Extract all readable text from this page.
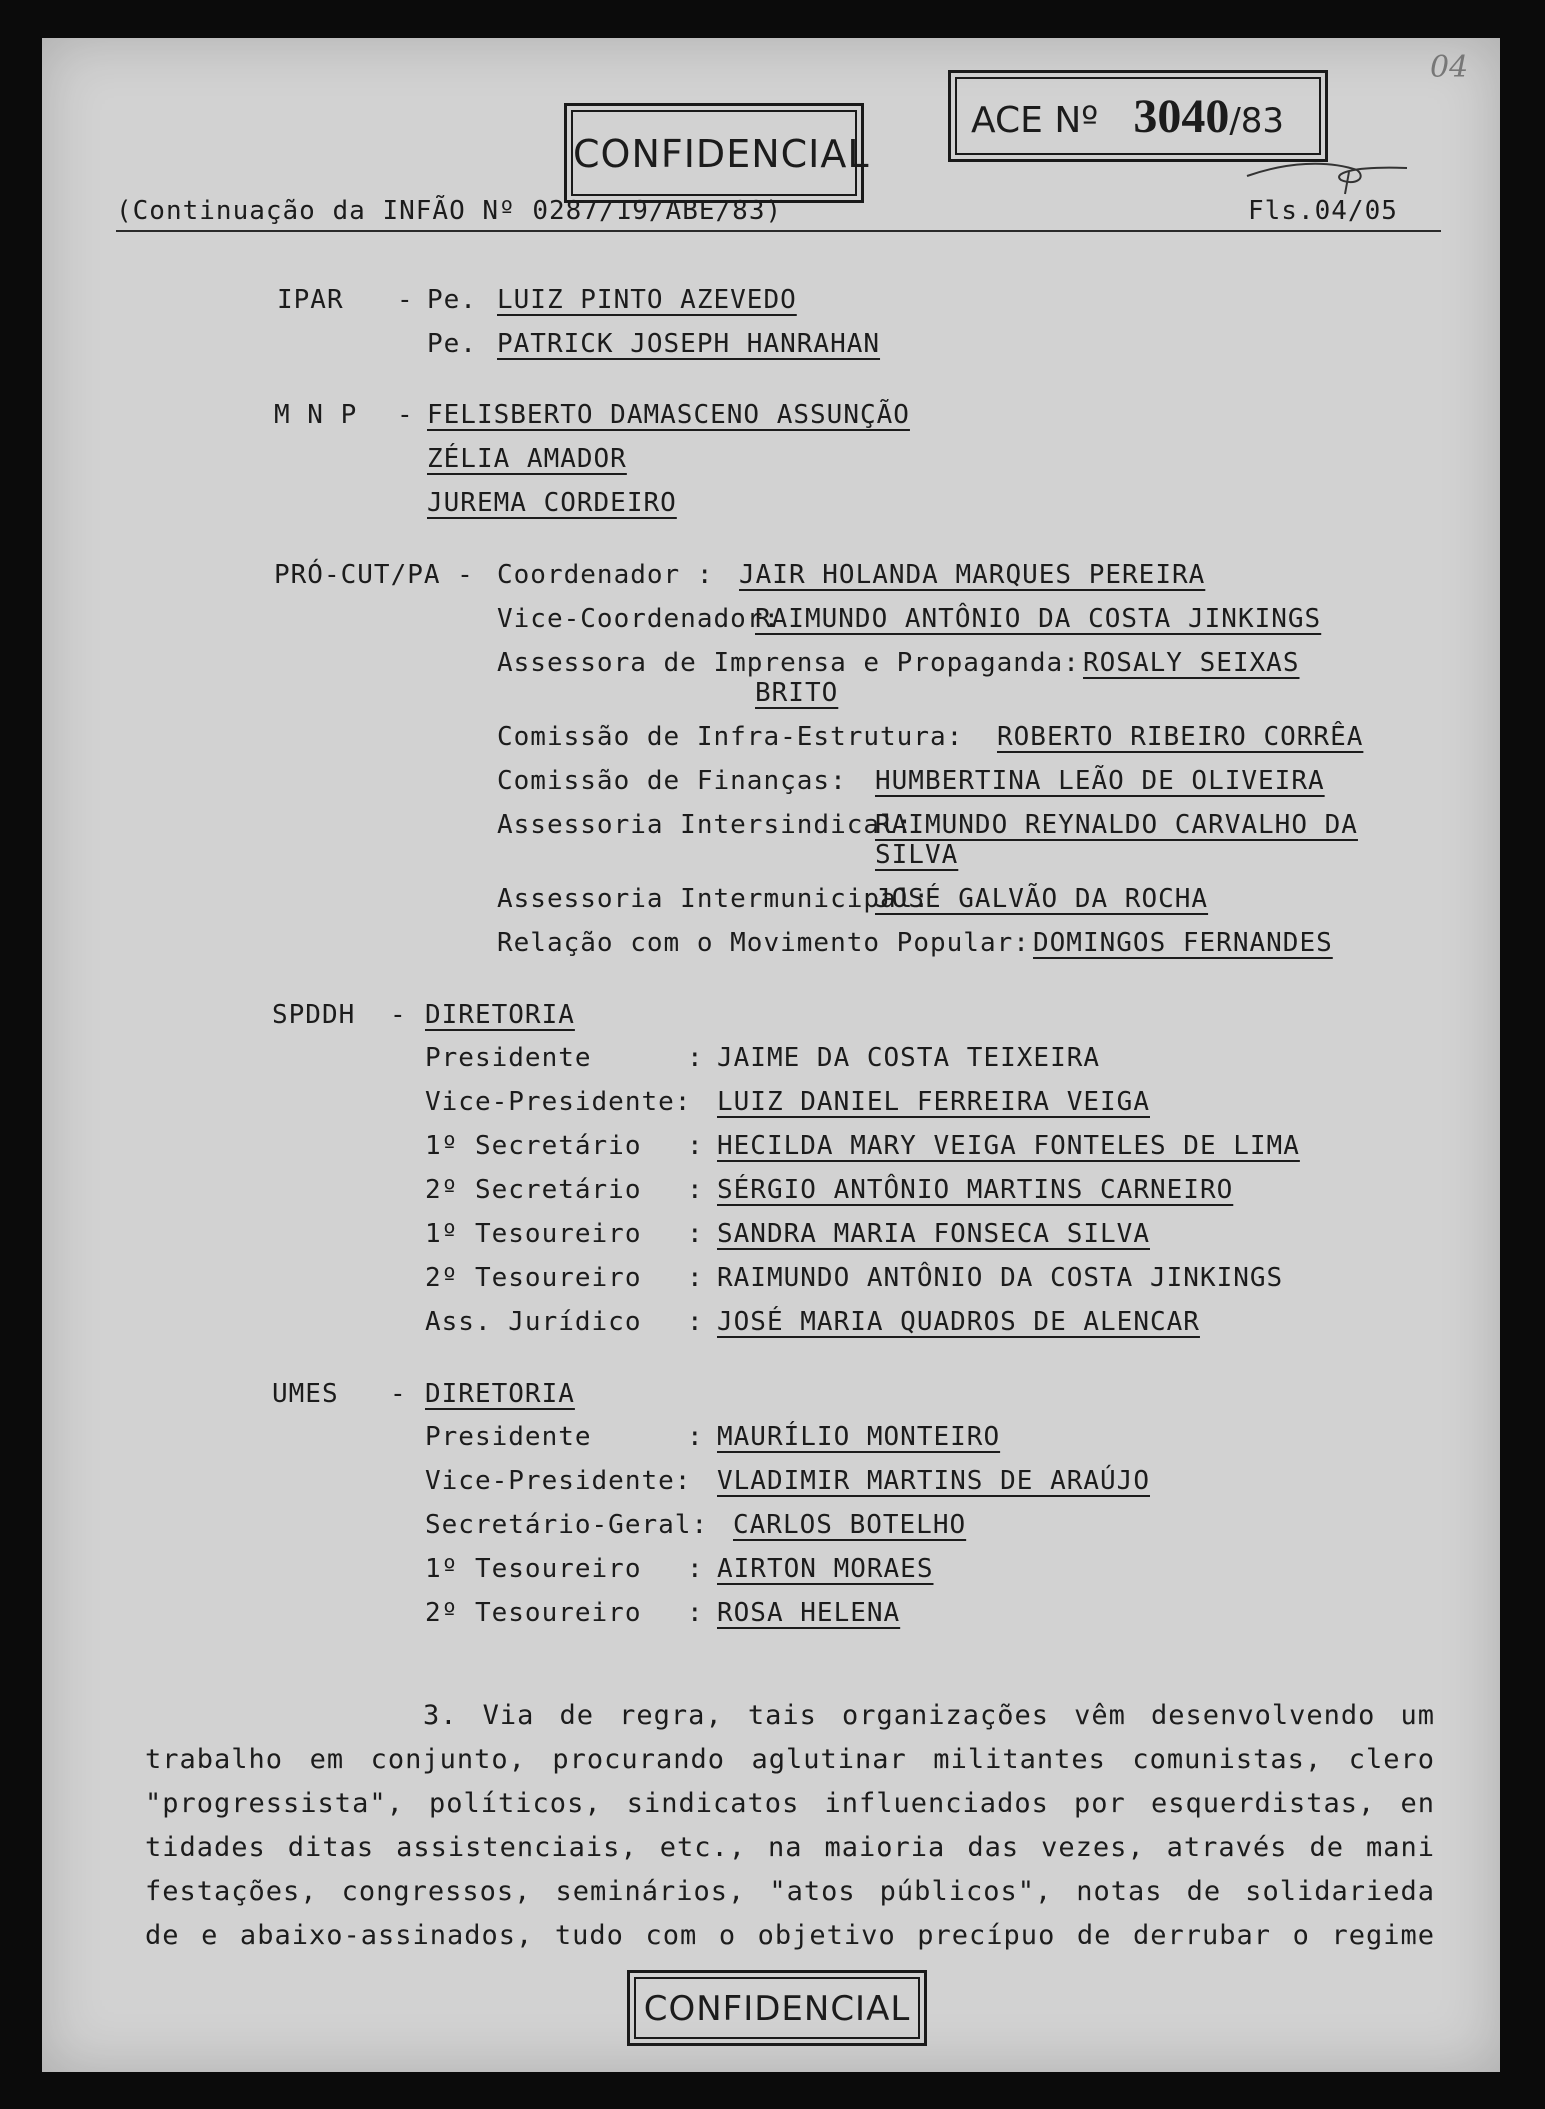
CONFIDENCIAL
ACE Nº 3040/83
04
(Continuação da INFÃO Nº 0287/19/ABE/83)	Fls.04/05
IPAR - Pe. LUIZ PINTO AZEVEDO
Pe. PATRICK JOSEPH HANRAHAN
M N P - FELISBERTO DAMASCENO ASSUNÇÃO
ZÉLIA AMADOR
JUREMA CORDEIRO
PRÓ-CUT/PA - Coordenador : JAIR HOLANDA MARQUES PEREIRA
Vice-Coordenador:
RAIMUNDO ANTÔNIO DA COSTA JINKINGS
Assessora de Imprensa e Propaganda: ROSALY SEIXAS
BRITO
Comissão de Infra-Estrutura: ROBERTO RIBEIRO CORRÊA
Comissão de Finanças: HUMBERTINA LEÃO DE OLIVEIRA
Assessoria Intersindical:
RAIMUNDO REYNALDO CARVALHO DA
SILVA
Assessoria Intermunicipal:
JOSÉ GALVÃO DA ROCHA
Relação com o Movimento Popular: DOMINGOS FERNANDES
SPDDH - DIRETORIA
Presidente	: JAIME DA COSTA TEIXEIRA
Vice-Presidente: LUIZ DANIEL FERREIRA VEIGA
1º Secretário : HECILDA MARY VEIGA FONTELES DE LIMA
2º Secretário : SÉRGIO ANTÔNIO MARTINS CARNEIRO
1º Tesoureiro : SANDRA MARIA FONSECA SILVA
2º Tesoureiro : RAIMUNDO ANTÔNIO DA COSTA JINKINGS
Ass. Jurídico : JOSÉ MARIA QUADROS DE ALENCAR
UMES - DIRETORIA
Presidente	: MAURÍLIO MONTEIRO
Vice-Presidente: VLADIMIR MARTINS DE ARAÚJO
Secretário-Geral: CARLOS BOTELHO
1º Tesoureiro : AIRTON MORAES
2º Tesoureiro : ROSA HELENA
3. Via de regra, tais organizações vêm desenvolvendo um
trabalho em conjunto, procurando aglutinar militantes comunistas, clero
"progressista", políticos, sindicatos influenciados por esquerdistas, en
tidades ditas assistenciais, etc., na maioria das vezes, através de mani
festações, congressos, seminários, "atos públicos", notas de solidarieda
de e abaixo-assinados, tudo com o objetivo precípuo de derrubar o regime
CONFIDENCIAL
